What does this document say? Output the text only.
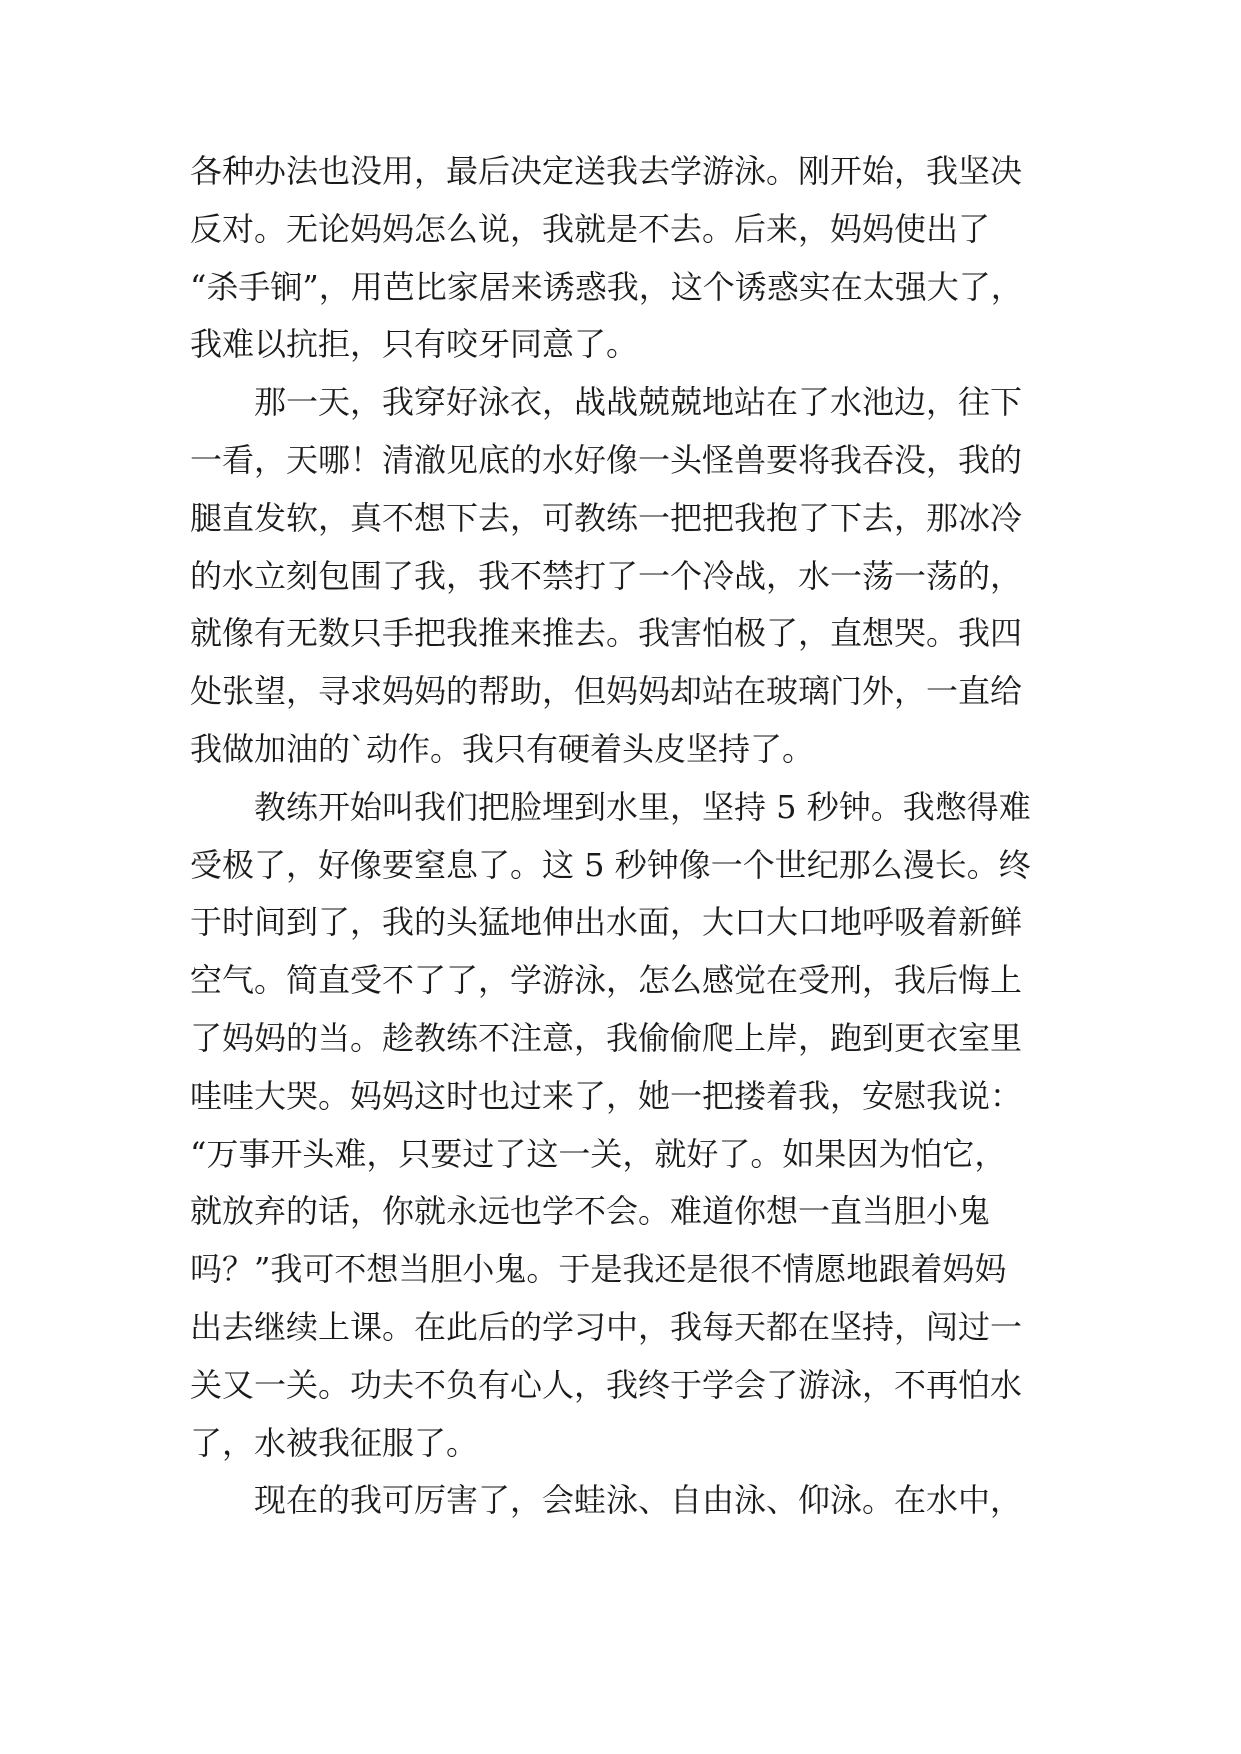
各种办法也没用，最后决定送我去学游泳。刚开始，我坚决
反对。无论妈妈怎么说，我就是不去。后来，妈妈使出了
“杀手锏”，用芭比家居来诱惑我，这个诱惑实在太强大了，
我难以抗拒，只有咬牙同意了。
　　那一天，我穿好泳衣，战战兢兢地站在了水池边，往下
一看，天哪！清澈见底的水好像一头怪兽要将我吞没，我的
腿直发软，真不想下去，可教练一把把我抱了下去，那冰冷
的水立刻包围了我，我不禁打了一个冷战，水一荡一荡的，
就像有无数只手把我推来推去。我害怕极了，直想哭。我四
处张望，寻求妈妈的帮助，但妈妈却站在玻璃门外，一直给
我做加油的`动作。我只有硬着头皮坚持了。
　　教练开始叫我们把脸埋到水里，坚持 5 秒钟。我憋得难
受极了，好像要窒息了。这 5 秒钟像一个世纪那么漫长。终
于时间到了，我的头猛地伸出水面，大口大口地呼吸着新鲜
空气。简直受不了了，学游泳，怎么感觉在受刑，我后悔上
了妈妈的当。趁教练不注意，我偷偷爬上岸，跑到更衣室里
哇哇大哭。妈妈这时也过来了，她一把搂着我，安慰我说：
“万事开头难，只要过了这一关，就好了。如果因为怕它，
就放弃的话，你就永远也学不会。难道你想一直当胆小鬼
吗？”我可不想当胆小鬼。于是我还是很不情愿地跟着妈妈
出去继续上课。在此后的学习中，我每天都在坚持，闯过一
关又一关。功夫不负有心人，我终于学会了游泳，不再怕水
了，水被我征服了。
　　现在的我可厉害了，会蛙泳、自由泳、仰泳。在水中，
